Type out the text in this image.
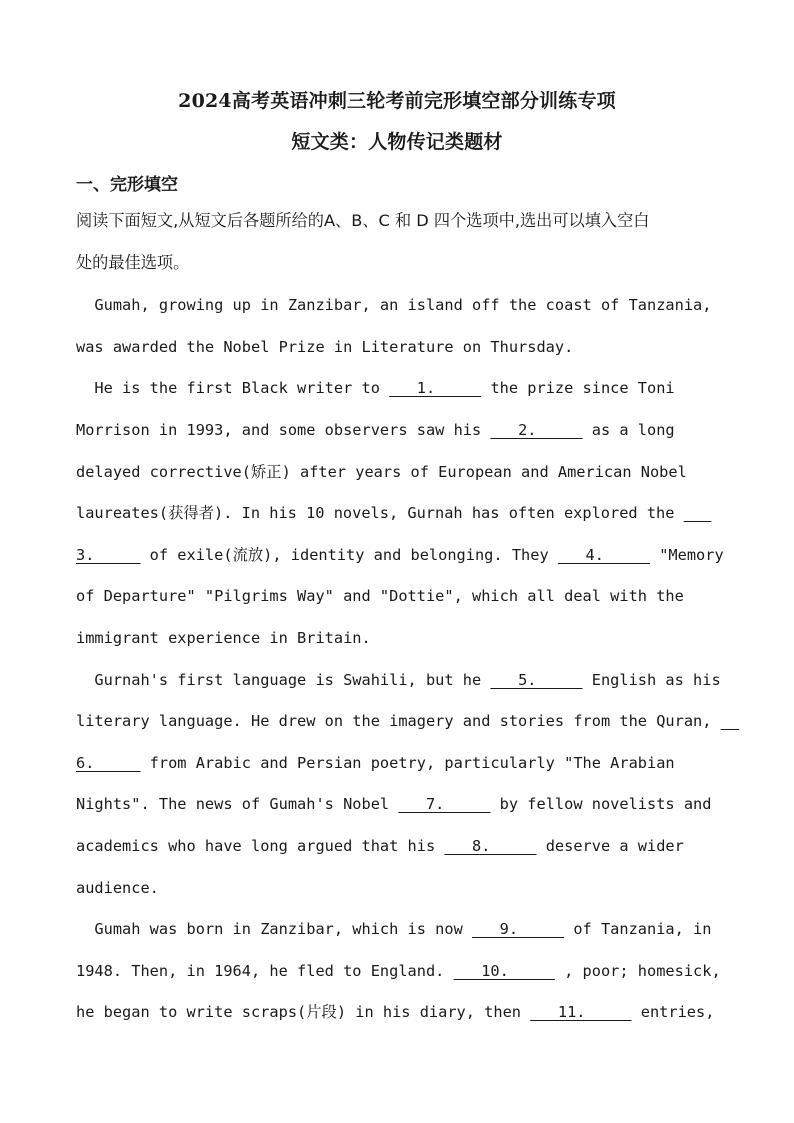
2024高考英语冲刺三轮考前完形填空部分训练专项
短文类：人物传记类题材
一、完形填空
阅读下面短文,从短文后各题所给的A、B、C 和 D 四个选项中,选出可以填入空白
处的最佳选项。
Gumah, growing up in Zanzibar, an island off the coast of Tanzania,
was awarded the Nobel Prize in Literature on Thursday.
He is the first Black writer to    1.      the prize since Toni
Morrison in 1993, and some observers saw his    2.      as a long
delayed corrective(矫正) after years of European and American Nobel
laureates(获得者). In his 10 novels, Gurnah has often explored the
3.      of exile(流放), identity and belonging. They    4.      "Memory
of Departure" "Pilgrims Way" and "Dottie", which all deal with the
immigrant experience in Britain.
Gurnah's first language is Swahili, but he    5.      English as his
literary language. He drew on the imagery and stories from the Quran,
6.      from Arabic and Persian poetry, particularly "The Arabian
Nights". The news of Gumah's Nobel    7.      by fellow novelists and
academics who have long argued that his    8.      deserve a wider
audience.
Gumah was born in Zanzibar, which is now    9.      of Tanzania, in
1948. Then, in 1964, he fled to England.    10.      , poor; homesick,
he began to write scraps(片段) in his diary, then    11.      entries,
